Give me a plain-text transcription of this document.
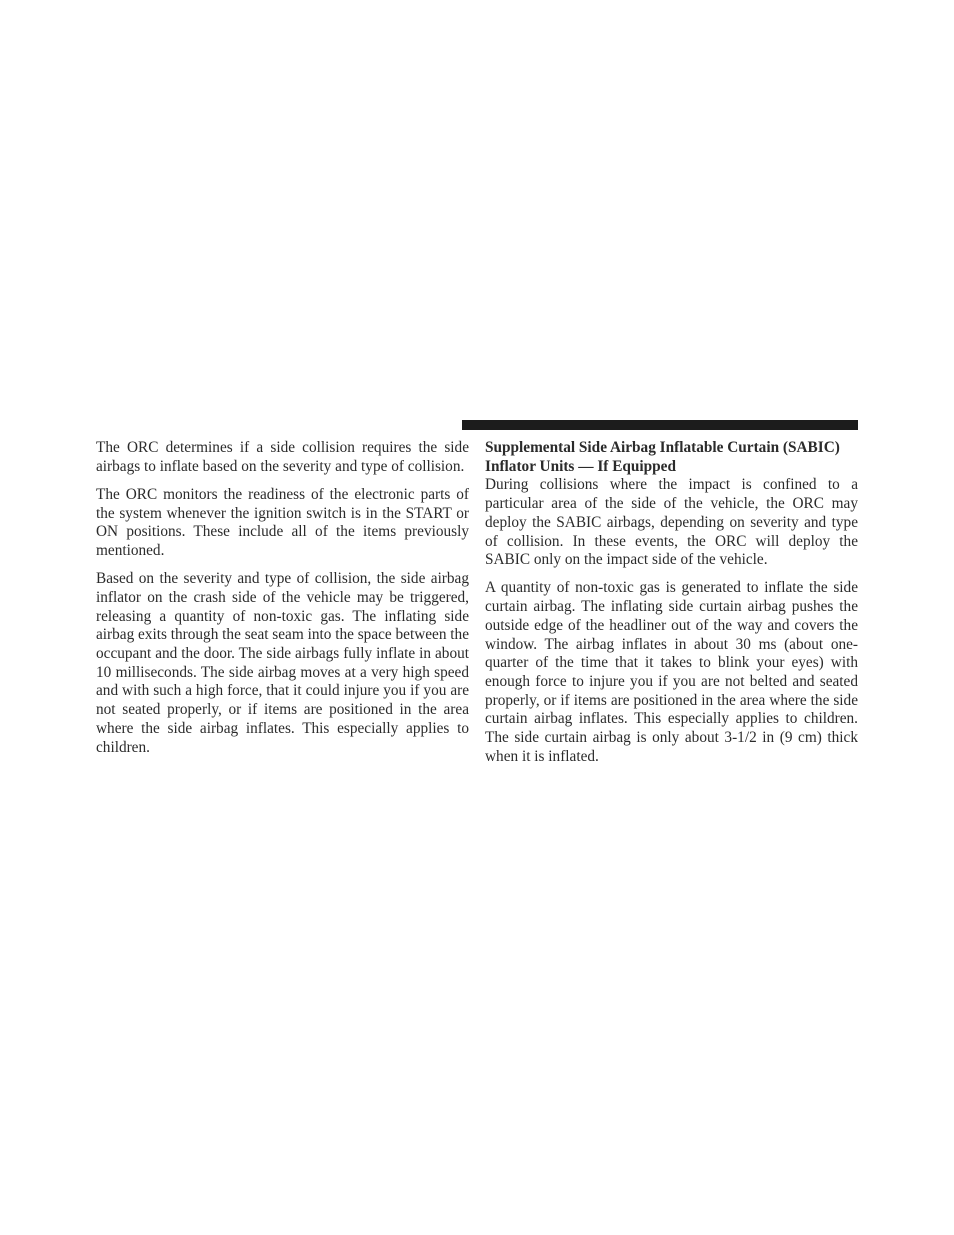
The ORC determines if a side collision requires the side airbags to inflate based on the severity and type of collision.

The ORC monitors the readiness of the electronic parts of the system whenever the ignition switch is in the START or ON positions. These include all of the items previously mentioned.

Based on the severity and type of collision, the side airbag inflator on the crash side of the vehicle may be triggered, releasing a quantity of non-toxic gas. The inflating side airbag exits through the seat seam into the space between the occupant and the door. The side airbags fully inflate in about 10 milliseconds. The side airbag moves at a very high speed and with such a high force, that it could injure you if you are not seated properly, or if items are positioned in the area where the side airbag inflates. This especially applies to children.

Supplemental Side Airbag Inflatable Curtain (SABIC) Inflator Units — If Equipped

During collisions where the impact is confined to a particular area of the side of the vehicle, the ORC may deploy the SABIC airbags, depending on severity and type of collision. In these events, the ORC will deploy the SABIC only on the impact side of the vehicle.

A quantity of non-toxic gas is generated to inflate the side curtain airbag. The inflating side curtain airbag pushes the outside edge of the headliner out of the way and covers the window. The airbag inflates in about 30 ms (about one-quarter of the time that it takes to blink your eyes) with enough force to injure you if you are not belted and seated properly, or if items are positioned in the area where the side curtain airbag inflates. This especially applies to children. The side curtain airbag is only about 3-1/2 in (9 cm) thick when it is inflated.
